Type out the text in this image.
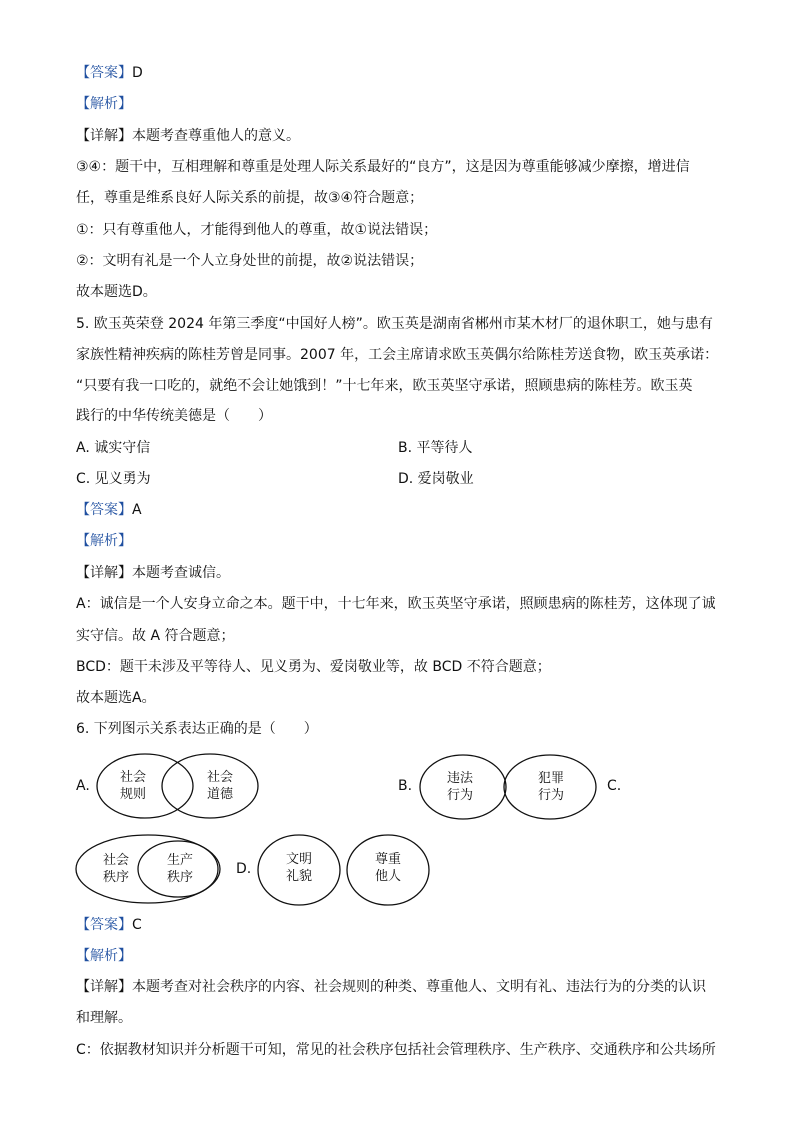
【答案】D
【解析】
【详解】本题考查尊重他人的意义。
③④：题干中，互相理解和尊重是处理人际关系最好的“良方”，这是因为尊重能够减少摩擦，增进信
任，尊重是维系良好人际关系的前提，故③④符合题意；
①：只有尊重他人，才能得到他人的尊重，故①说法错误；
②：文明有礼是一个人立身处世的前提，故②说法错误；
故本题选D。
5. 欧玉英荣登 2024 年第三季度“中国好人榜”。欧玉英是湖南省郴州市某木材厂的退休职工，她与患有
家族性精神疾病的陈桂芳曾是同事。2007 年，工会主席请求欧玉英偶尔给陈桂芳送食物，欧玉英承诺：
“只要有我一口吃的，就绝不会让她饿到！”十七年来，欧玉英坚守承诺，照顾患病的陈桂芳。欧玉英
践行的中华传统美德是（　　）
A. 诚实守信	B. 平等待人
C. 见义勇为	D. 爱岗敬业
【答案】A
【解析】
【详解】本题考查诚信。
A：诚信是一个人安身立命之本。题干中，十七年来，欧玉英坚守承诺，照顾患病的陈桂芳，这体现了诚
实守信。故 A 符合题意；
BCD：题干未涉及平等待人、见义勇为、爱岗敬业等，故 BCD 不符合题意；
故本题选A。
6. 下列图示关系表达正确的是（　　）
A.
社会
规则
社会
道德
B.	违法
行为
犯罪
行为
C.
社会
秩序
生产
秩序
D.
文明
礼貌
尊重
他人
【答案】C
【解析】
【详解】本题考查对社会秩序的内容、社会规则的种类、尊重他人、文明有礼、违法行为的分类的认识
和理解。
C：依据教材知识并分析题干可知，常见的社会秩序包括社会管理秩序、生产秩序、交通秩序和公共场所
